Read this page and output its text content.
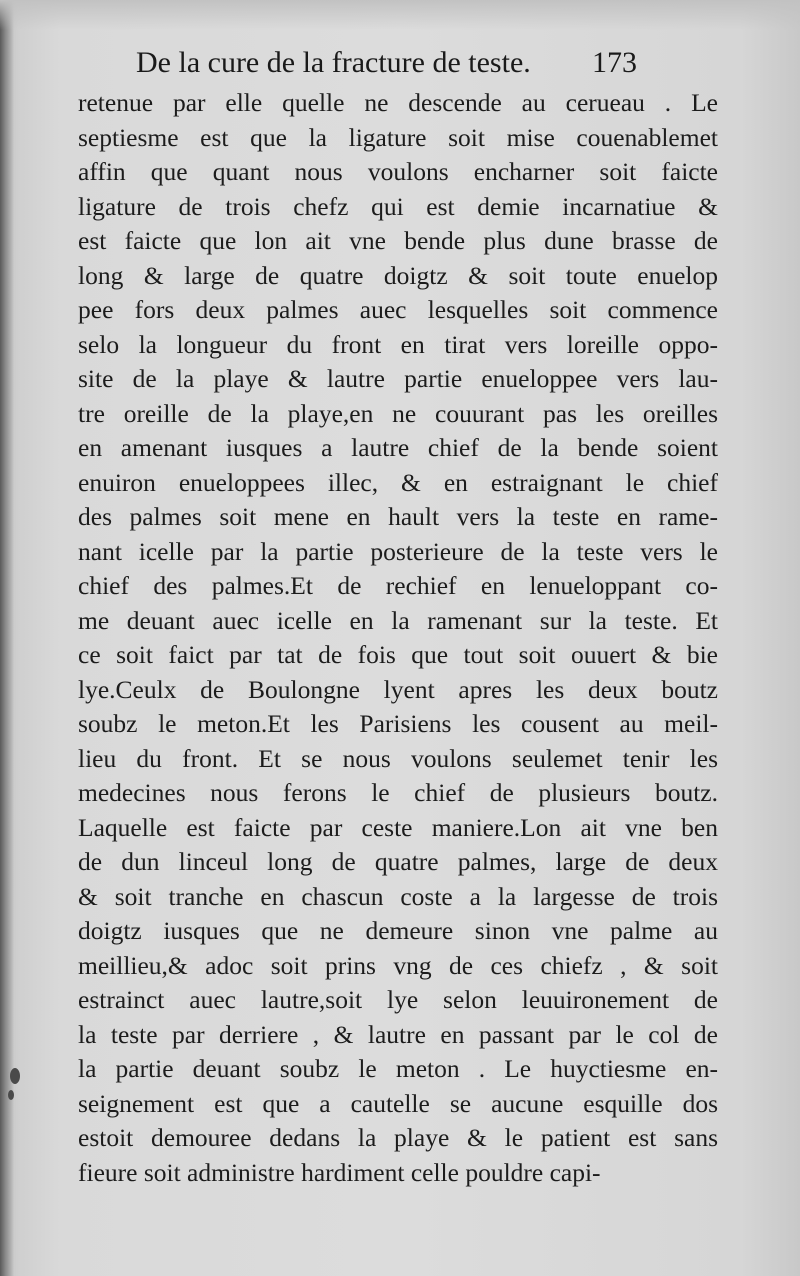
De la cure de la fracture de teste. 173
retenue par elle quelle ne descende au cerueau . Le
septiesme est que la ligature soit mise couenablemet
affin que quant nous voulons encharner soit faicte
ligature de trois chefz qui est demie incarnatiue &
est faicte que lon ait vne bende plus dune brasse de
long & large de quatre doigtz & soit toute enuelop
pee fors deux palmes auec lesquelles soit commence
selo la longueur du front en tirat vers loreille oppo-
site de la playe & lautre partie enueloppee vers lau-
tre oreille de la playe,en ne couurant pas les oreilles
en amenant iusques a lautre chief de la bende soient
enuiron enueloppees illec, & en estraignant le chief
des palmes soit mene en hault vers la teste en rame-
nant icelle par la partie posterieure de la teste vers le
chief des palmes.Et de rechief en lenueloppant co-
me deuant auec icelle en la ramenant sur la teste. Et
ce soit faict par tat de fois que tout soit ouuert & bie
lye.Ceulx de Boulongne lyent apres les deux boutz
soubz le meton.Et les Parisiens les cousent au meil-
lieu du front. Et se nous voulons seulemet tenir les
medecines nous ferons le chief de plusieurs boutz.
Laquelle est faicte par ceste maniere.Lon ait vne ben
de dun linceul long de quatre palmes, large de deux
& soit tranche en chascun coste a la largesse de trois
doigtz iusques que ne demeure sinon vne palme au
meillieu,& adoc soit prins vng de ces chiefz , & soit
estrainct auec lautre,soit lye selon leuuironement de
la teste par derriere , & lautre en passant par le col de
la partie deuant soubz le meton . Le huyctiesme en-
seignement est que a cautelle se aucune esquille dos
estoit demouree dedans la playe & le patient est sans
fieure soit administre hardiment celle pouldre capi-
